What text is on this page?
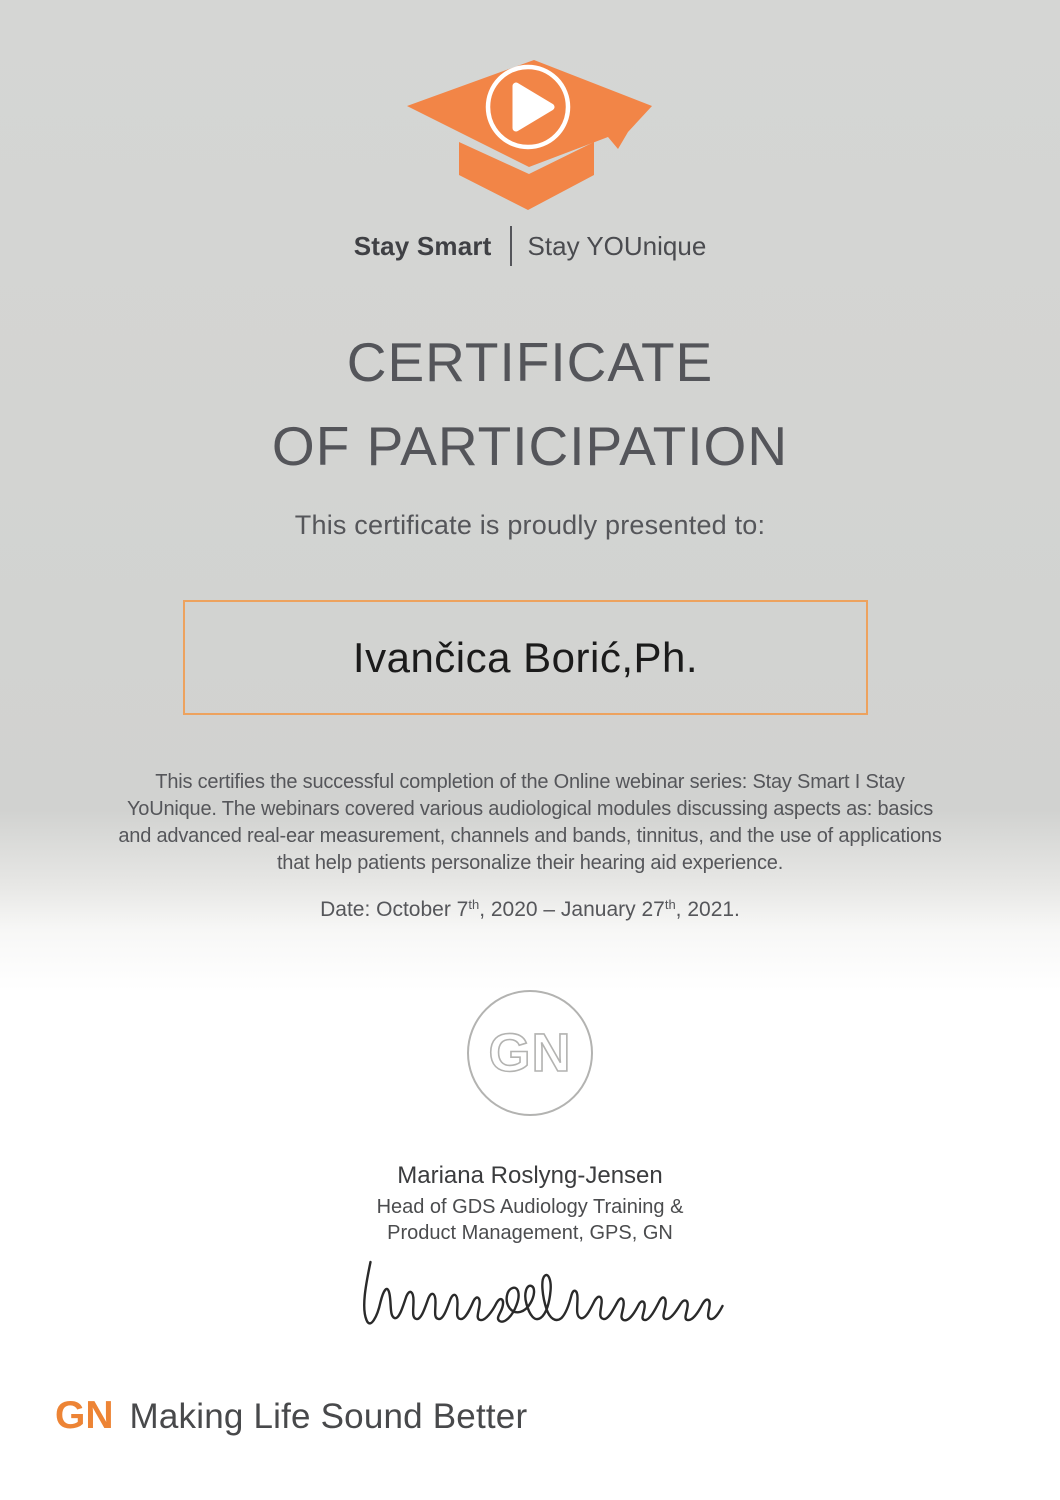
Stay Smart Stay YOUnique
CERTIFICATE
OF PARTICIPATION
This certificate is proudly presented to:
Ivančica Borić,Ph.
This certifies the successful completion of the Online webinar series: Stay Smart I Stay
YoUnique. The webinars covered various audiological modules discussing aspects as: basics
and advanced real-ear measurement, channels and bands, tinnitus, and the use of applications
that help patients personalize their hearing aid experience.
Date: October 7th, 2020 – January 27th, 2021.
GN
Mariana Roslyng-Jensen
Head of GDS Audiology Training &
Product Management, GPS, GN
GN Making Life Sound Better
